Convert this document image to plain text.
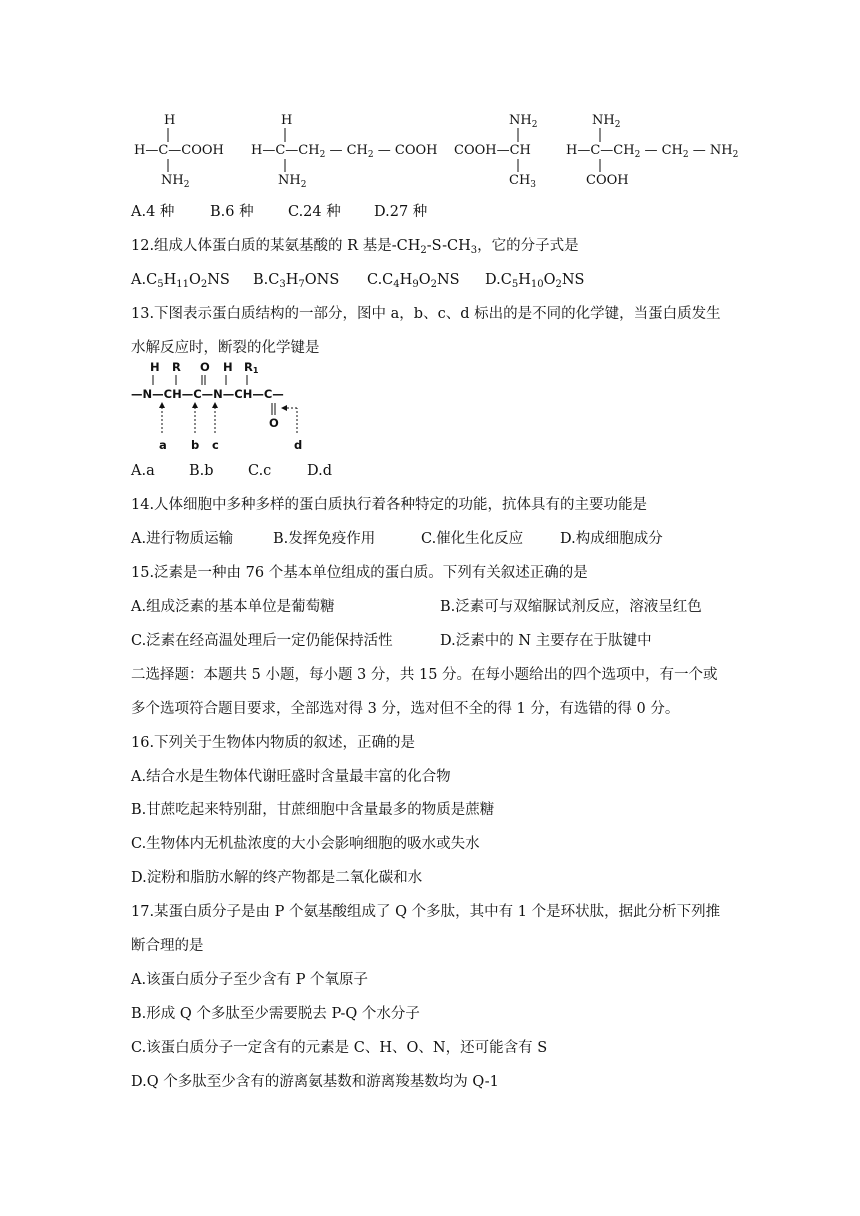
H
H—C—COOH
$NH_2$
H
$H—C—CH_2$ — $CH_2$ — COOH
$NH_2$
$NH_2$
COOH—CH
$CH_3$
$NH_2$
$H—C—CH_2$ — $CH_2$ — $NH_2$
COOH
A.4 种 B.6 种 C.24 种 D.27 种
12.组成人体蛋白质的某氨基酸的 R 基是$-CH_2-S-CH_3$，它的分子式是
$A.C_5H_{11}O_2NS$ $B.C_3H_7ONS$ $C.C_4H_9O_2NS$ $D.C_5H_{10}O_2NS$
13.下图表示蛋白质结构的一部分，图中 a，b、c、d 标出的是不同的化学键，当蛋白质发生
水解反应时，断裂的化学键是
H R O H R1
—N—CH—C—N—CH—C—
O
a b c	d
A.a B.b C.c D.d
14.人体细胞中多种多样的蛋白质执行着各种特定的功能，抗体具有的主要功能是
A.进行物质运输	B.发挥免疫作用	C.催化生化反应	D.构成细胞成分
15.泛素是一种由 76 个基本单位组成的蛋白质。下列有关叙述正确的是
A.组成泛素的基本单位是葡萄糖	B.泛素可与双缩脲试剂反应，溶液呈红色
C.泛素在经高温处理后一定仍能保持活性	D.泛素中的 N 主要存在于肽键中
二选择题：本题共 5 小题，每小题 3 分，共 15 分。在每小题给出的四个选项中，有一个或
多个选项符合题目要求，全部选对得 3 分，选对但不全的得 1 分，有选错的得 0 分。
16.下列关于生物体内物质的叙述，正确的是
A.结合水是生物体代谢旺盛时含量最丰富的化合物
B.甘蔗吃起来特别甜，甘蔗细胞中含量最多的物质是蔗糖
C.生物体内无机盐浓度的大小会影响细胞的吸水或失水
D.淀粉和脂肪水解的终产物都是二氧化碳和水
17.某蛋白质分子是由 P 个氨基酸组成了 Q 个多肽，其中有 1 个是环状肽，据此分析下列推
断合理的是
A.该蛋白质分子至少含有 P 个氧原子
B.形成 Q 个多肽至少需要脱去 P-Q 个水分子
C.该蛋白质分子一定含有的元素是 C、H、O、N，还可能含有 S
D.Q 个多肽至少含有的游离氨基数和游离羧基数均为 Q-1
